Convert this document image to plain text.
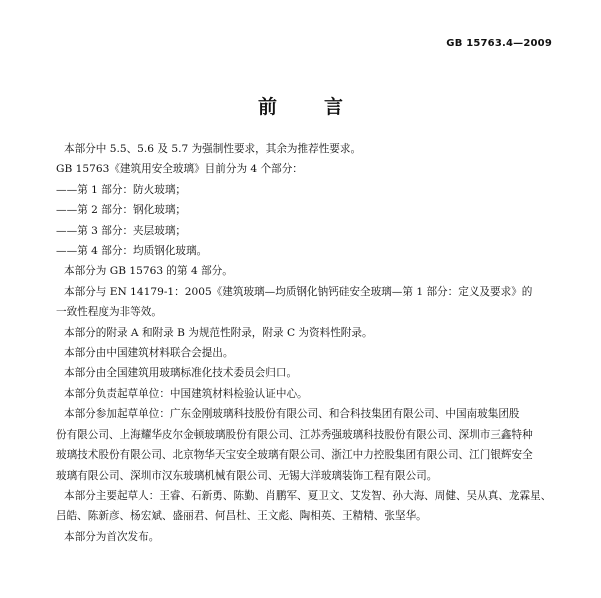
GB 15763.4—2009
前　言

本部分中 5.5、5.6 及 5.7 为强制性要求，其余为推荐性要求。

GB 15763《建筑用安全玻璃》目前分为 4 个部分：

——第 1 部分：防火玻璃；

——第 2 部分：钢化玻璃；

——第 3 部分：夹层玻璃；

——第 4 部分：均质钢化玻璃。

本部分为 GB 15763 的第 4 部分。

本部分与 EN 14179-1：2005《建筑玻璃—均质钢化钠钙硅安全玻璃—第 1 部分：定义及要求》的

一致性程度为非等效。

本部分的附录 A 和附录 B 为规范性附录，附录 C 为资料性附录。

本部分由中国建筑材料联合会提出。

本部分由全国建筑用玻璃标准化技术委员会归口。

本部分负责起草单位：中国建筑材料检验认证中心。

本部分参加起草单位：广东金刚玻璃科技股份有限公司、和合科技集团有限公司、中国南玻集团股

份有限公司、上海耀华皮尔金顿玻璃股份有限公司、江苏秀强玻璃科技股份有限公司、深圳市三鑫特种

玻璃技术股份有限公司、北京物华天宝安全玻璃有限公司、浙江中力控股集团有限公司、江门银辉安全

玻璃有限公司、深圳市汉东玻璃机械有限公司、无锡大洋玻璃装饰工程有限公司。

本部分主要起草人：王睿、石新勇、陈勤、肖鹏军、夏卫文、艾发智、孙大海、周健、吴从真、龙霖星、

吕皓、陈新彦、杨宏斌、盛丽君、何昌杜、王文彪、陶相英、王精精、张坚华。

本部分为首次发布。
